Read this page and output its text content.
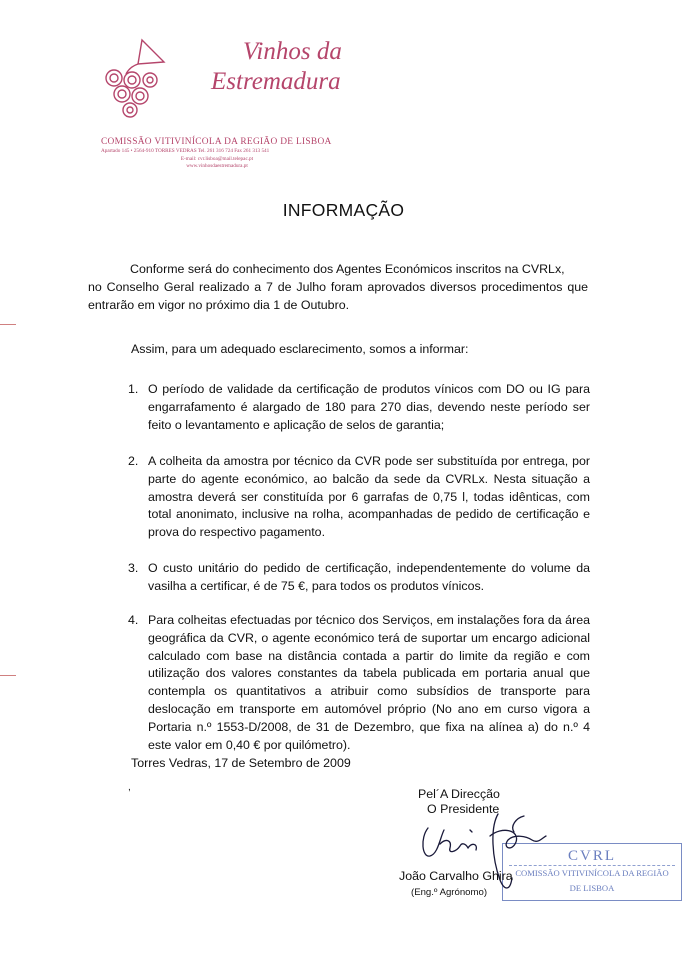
Vinhos da
Estremadura
COMISSÃO VITIVINÍCOLA DA REGIÃO DE LISBOA
Apartado 145 • 2564-910 TORRES VEDRAS Tel. 261 316 724 Fax 261 313 541
E-mail: cvr.lisboa@mail.telepac.pt
www.vinhosdaestremadura.pt
INFORMAÇÃO
Conforme será do conhecimento dos Agentes Económicos inscritos na CVRLx,
no Conselho Geral realizado a 7 de Julho foram aprovados diversos procedimentos que entrarão em vigor no próximo dia 1 de Outubro.
Assim, para um adequado esclarecimento, somos a informar:
1. O período de validade da certificação de produtos vínicos com DO ou IG para engarrafamento é alargado de 180 para 270 dias, devendo neste período ser feito o levantamento e aplicação de selos de garantia;
2. A colheita da amostra por técnico da CVR pode ser substituída por entrega, por parte do agente económico, ao balcão da sede da CVRLx. Nesta situação a amostra deverá ser constituída por 6 garrafas de 0,75 l, todas idênticas, com total anonimato, inclusive na rolha, acompanhadas de pedido de certificação e prova do respectivo pagamento.
3. O custo unitário do pedido de certificação, independentemente do volume da vasilha a certificar, é de 75 €, para todos os produtos vínicos.
4. Para colheitas efectuadas por técnico dos Serviços, em instalações fora da área geográfica da CVR, o agente económico terá de suportar um encargo adicional calculado com base na distância contada a partir do limite da região e com utilização dos valores constantes da tabela publicada em portaria anual que contempla os quantitativos a atribuir como subsídios de transporte para deslocação em transporte em automóvel próprio (No ano em curso vigora a Portaria n.º 1553-D/2008, de 31 de Dezembro, que fixa na alínea a) do n.º 4 este valor em 0,40 € por quilómetro).
Torres Vedras, 17 de Setembro de 2009
,	Pel´A Direcção
O Presidente
CVRL
COMISSÃO VITIVINÍCOLA DA REGIÃO
DE LISBOA
João Carvalho Ghira
(Eng.º Agrónomo)
